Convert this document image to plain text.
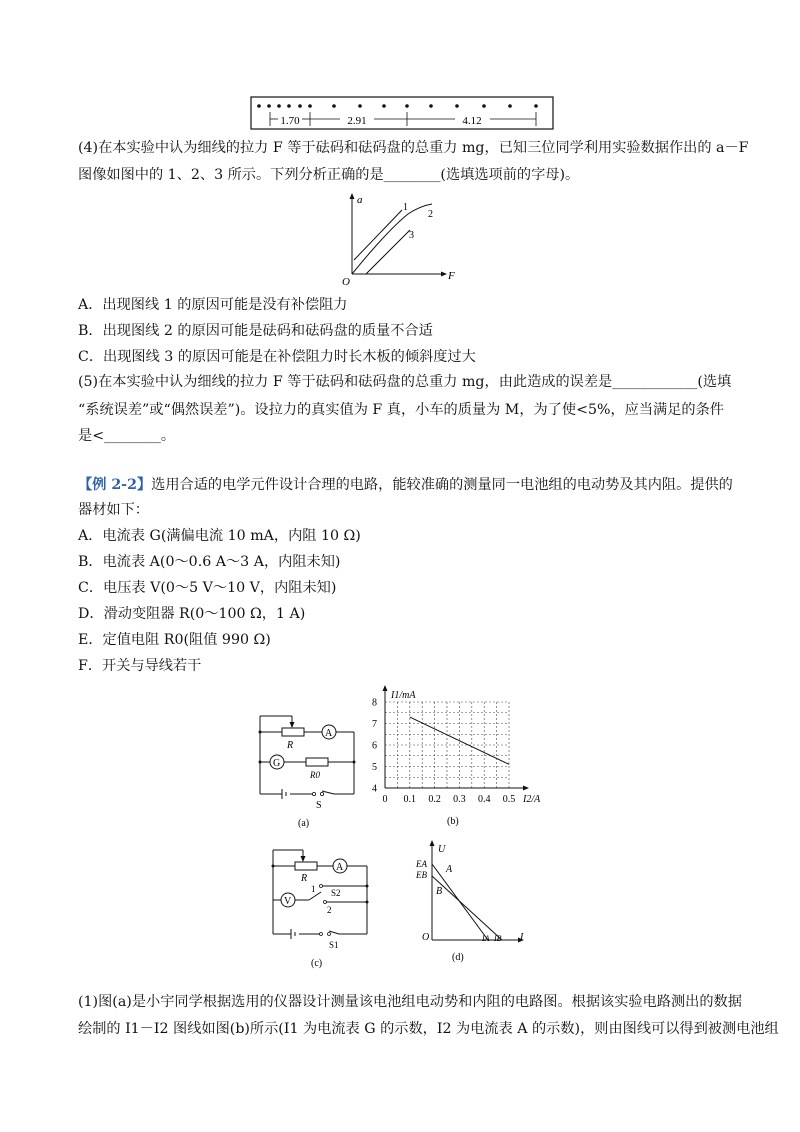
1.70	2.91	4.12
(4)在本实验中认为细线的拉力 F 等于砝码和砝码盘的总重力 mg，已知三位同学利用实验数据作出的 a－F
图像如图中的 1、2、3 所示。下列分析正确的是________(选填选项前的字母)。
a
F
O
1
2
3
A．出现图线 1 的原因可能是没有补偿阻力
B．出现图线 2 的原因可能是砝码和砝码盘的质量不合适
C．出现图线 3 的原因可能是在补偿阻力时长木板的倾斜度过大
(5)在本实验中认为细线的拉力 F 等于砝码和砝码盘的总重力 mg，由此造成的误差是____________(选填
“系统误差”或“偶然误差”)。设拉力的真实值为 F 真，小车的质量为 M，为了使<5%，应当满足的条件
是<________。
【例 2-2】选用合适的电学元件设计合理的电路，能较准确的测量同一电池组的电动势及其内阻。提供的
器材如下：
A．电流表 G(满偏电流 10 mA，内阻 10 Ω)
B．电流表 A(0～0.6 A～3 A，内阻未知)
C．电压表 V(0～5 V～10 V，内阻未知)
D．滑动变阻器 R(0～100 Ω，1 A)
E．定值电阻 R0(阻值 990 Ω)
F．开关与导线若干
R
A
G
R0
S
(a)
0 0.1 0.2 0.3 0.4 0.5
4
5
6
7
8
I1/mA
I2/A
(b)
R
A
V
1 S2
2
S1
(c)
U
EA
EB A
B
O	IA IB I
(d)
(1)图(a)是小宇同学根据选用的仪器设计测量该电池组电动势和内阻的电路图。根据该实验电路测出的数据
绘制的 I1－I2 图线如图(b)所示(I1 为电流表 G 的示数，I2 为电流表 A 的示数)，则由图线可以得到被测电池组
